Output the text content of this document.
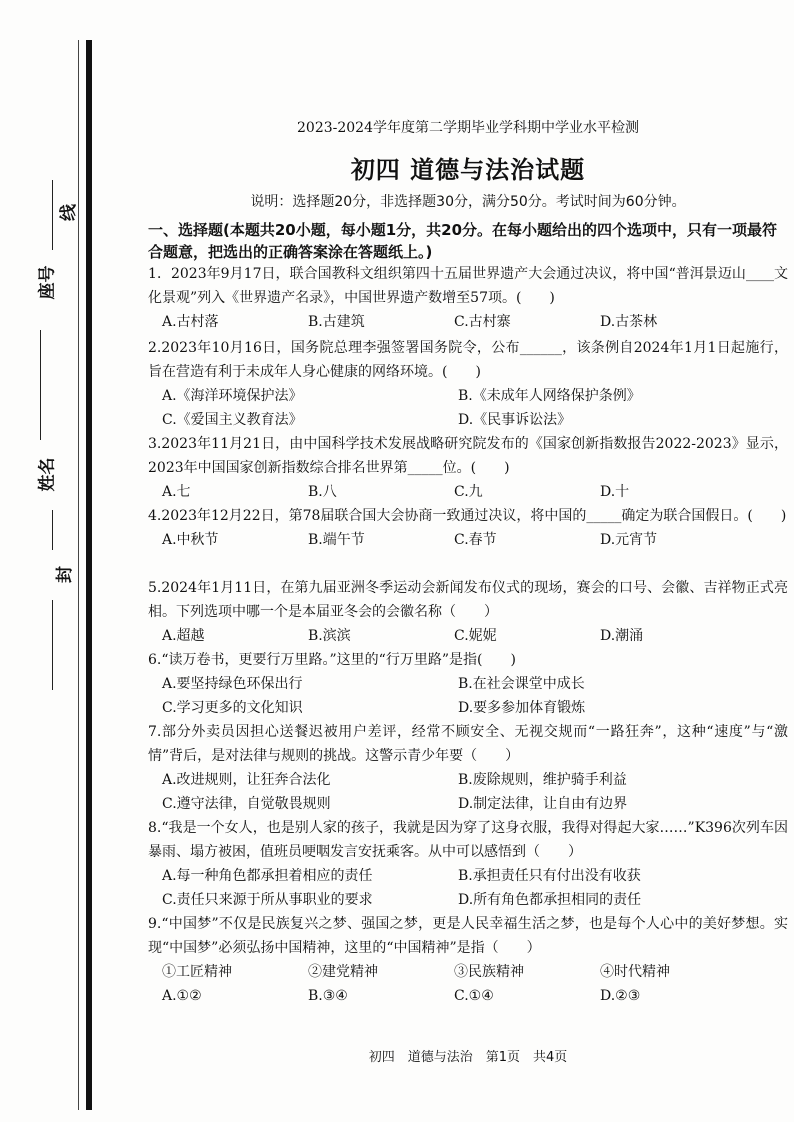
线
座号
姓名
封
2023-2024学年度第二学期毕业学科期中学业水平检测
初四 道德与法治试题
说明：选择题20分，非选择题30分，满分50分。考试时间为60分钟。
一、选择题(本题共20小题，每小题1分，共20分。在每小题给出的四个选项中，只有一项最符合题意，把选出的正确答案涂在答题纸上。)
1．2023年9月17日，联合国教科文组织第四十五届世界遗产大会通过决议，将中国“普洱景迈山____文化景观”列入《世界遗产名录》，中国世界遗产数增至57项。(　　)
A.古村落	B.古建筑	C.古村寨	D.古茶林
2.2023年10月16日，国务院总理李强签署国务院令，公布______，该条例自2024年1月1日起施行，旨在营造有利于未成年人身心健康的网络环境。(　　)
A.《海洋环境保护法》	B.《未成年人网络保护条例》
C.《爱国主义教育法》	D.《民事诉讼法》
3.2023年11月21日，由中国科学技术发展战略研究院发布的《国家创新指数报告2022-2023》显示，2023年中国国家创新指数综合排名世界第_____位。(　　)
A.七	B.八	C.九	D.十
4.2023年12月22日，第78届联合国大会协商一致通过决议，将中国的_____确定为联合国假日。(　　)
A.中秋节	B.端午节	C.春节	D.元宵节
5.2024年1月11日，在第九届亚洲冬季运动会新闻发布仪式的现场，赛会的口号、会徽、吉祥物正式亮相。下列选项中哪一个是本届亚冬会的会徽名称（　　）
A.超越	B.滨滨	C.妮妮	D.潮涌
6.“读万卷书，更要行万里路。”这里的“行万里路”是指(　　)
A.要坚持绿色环保出行	B.在社会课堂中成长
C.学习更多的文化知识	D.要多参加体育锻炼
7.部分外卖员因担心送餐迟被用户差评，经常不顾安全、无视交规而“一路狂奔”，这种“速度”与“激情”背后，是对法律与规则的挑战。这警示青少年要（　　）
A.改进规则，让狂奔合法化	B.废除规则，维护骑手利益
C.遵守法律，自觉敬畏规则	D.制定法律，让自由有边界
8.“我是一个女人，也是别人家的孩子，我就是因为穿了这身衣服，我得对得起大家……”K396次列车因暴雨、塌方被困，值班员哽咽发言安抚乘客。从中可以感悟到（　　）
A.每一种角色都承担着相应的责任	B.承担责任只有付出没有收获
C.责任只来源于所从事职业的要求	D.所有角色都承担相同的责任
9.“中国梦”不仅是民族复兴之梦、强国之梦，更是人民幸福生活之梦，也是每个人心中的美好梦想。实现“中国梦”必须弘扬中国精神，这里的“中国精神”是指（　　）
①工匠精神	②建党精神	③民族精神	④时代精神
A.①②	B.③④	C.①④	D.②③
初四　道德与法治　第1页　共4页
